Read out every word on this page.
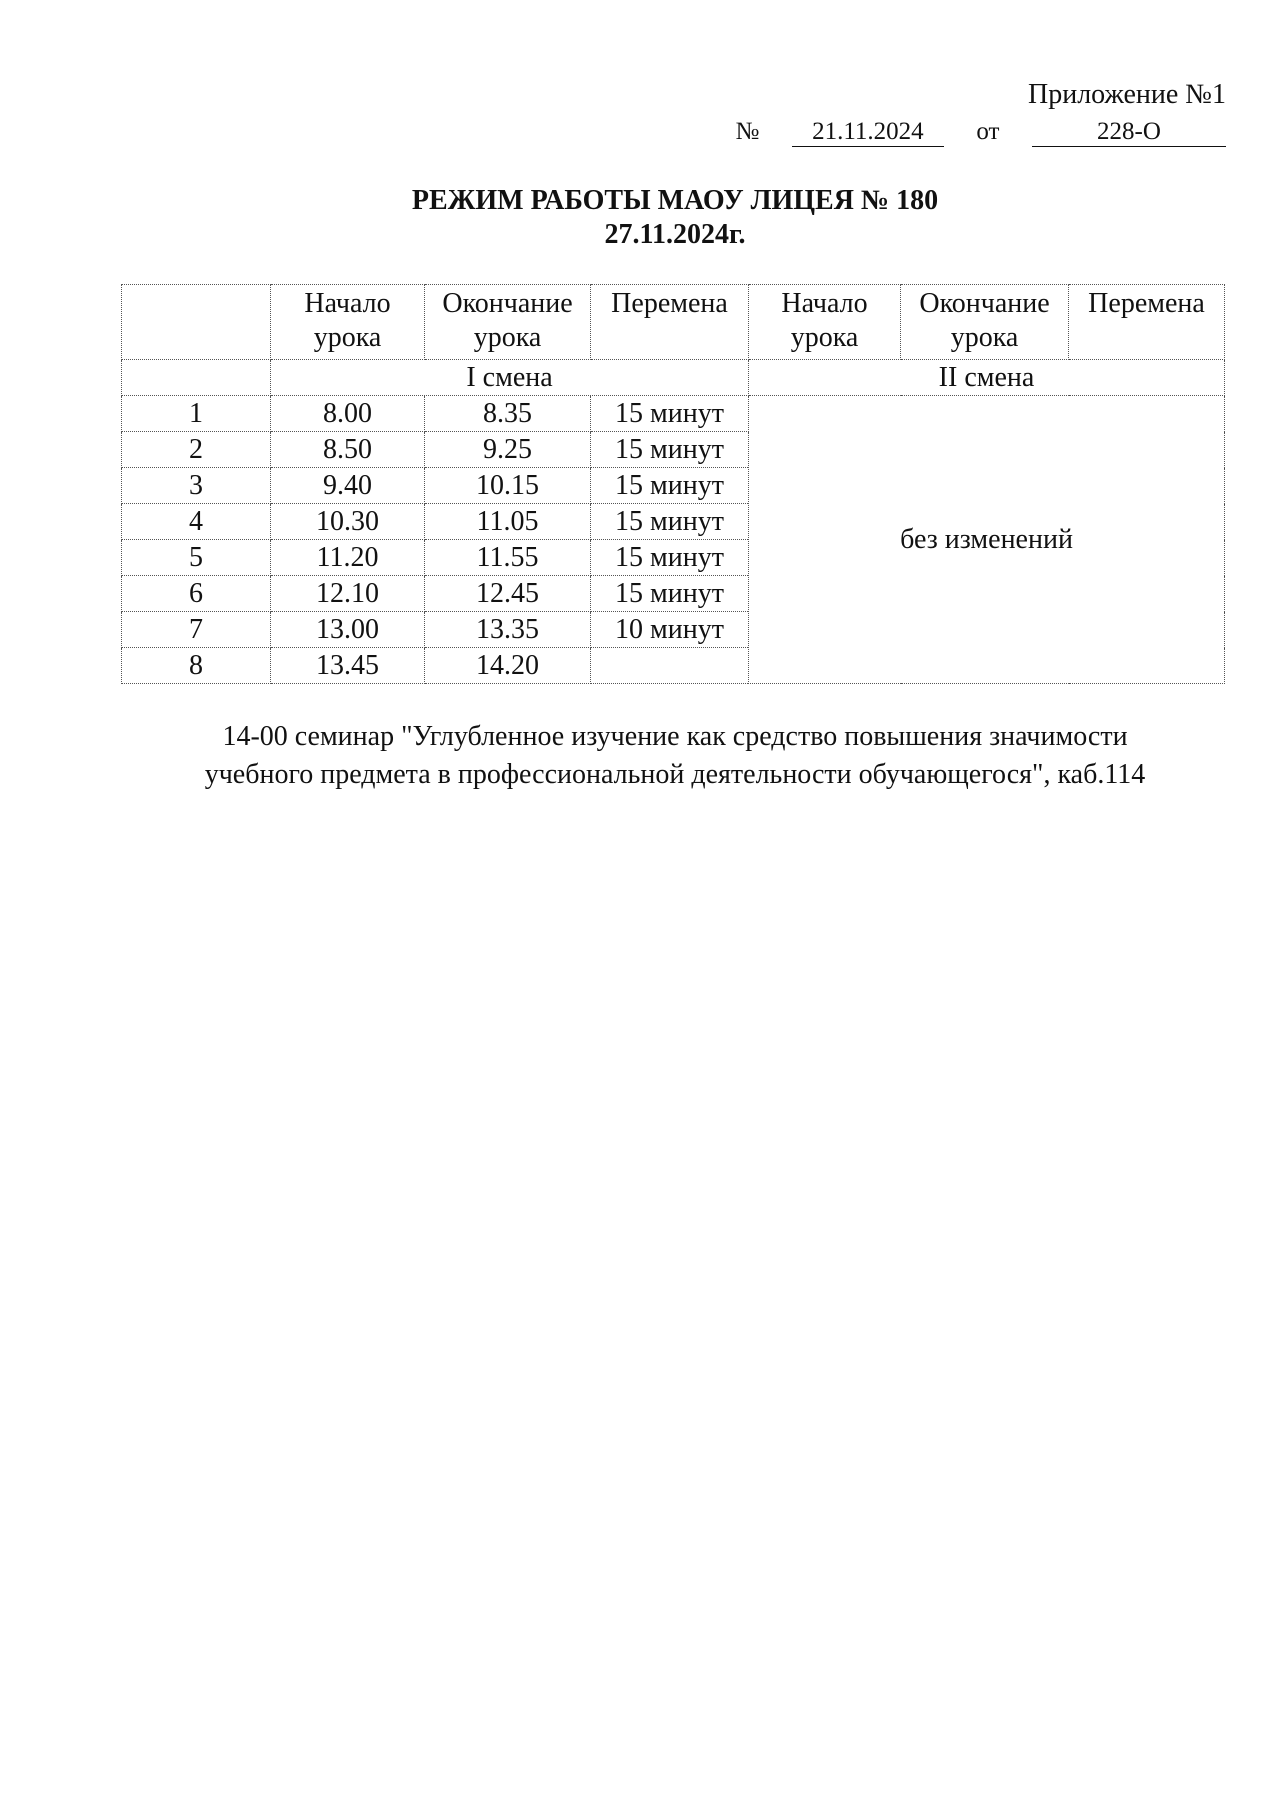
Приложение №1
№ 21.11.2024 от	228-О
РЕЖИМ РАБОТЫ МАОУ ЛИЦЕЯ № 180
27.11.2024г.
	Начало урока	Окончание урока	Перемена	Начало урока	Окончание урока	Перемена
	I смена			II смена		
1	8.00	8.35	15 минут	без изменений		
2	8.50	9.25	15 минут			
3	9.40	10.15	15 минут			
4	10.30	11.05	15 минут			
5	11.20	11.55	15 минут			
6	12.10	12.45	15 минут			
7	13.00	13.35	10 минут			
8	13.45	14.20				
14-00 семинар "Углубленное изучение как средство повышения значимости
учебного предмета в профессиональной деятельности обучающегося", каб.114
